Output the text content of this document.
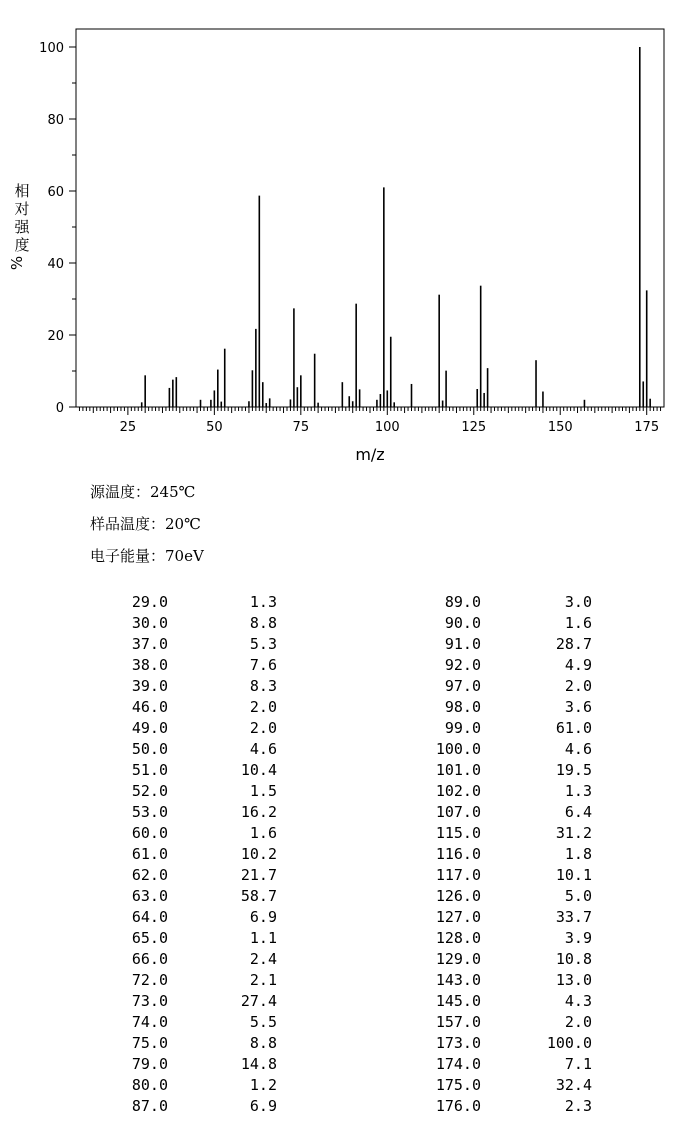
0
20
40
60
80
100
25	50	75	100	125	150	175
m/z
相
对
强
度
%
源温度：245℃
样品温度：20℃
电子能量：70eV
29.0	1.3	89.0	3.0
30.0	8.8	90.0	1.6
37.0	5.3	91.0	28.7
38.0	7.6	92.0	4.9
39.0	8.3	97.0	2.0
46.0	2.0	98.0	3.6
49.0	2.0	99.0	61.0
50.0	4.6	100.0	4.6
51.0	10.4	101.0	19.5
52.0	1.5	102.0	1.3
53.0	16.2	107.0	6.4
60.0	1.6	115.0	31.2
61.0	10.2	116.0	1.8
62.0	21.7	117.0	10.1
63.0	58.7	126.0	5.0
64.0	6.9	127.0	33.7
65.0	1.1	128.0	3.9
66.0	2.4	129.0	10.8
72.0	2.1	143.0	13.0
73.0	27.4	145.0	4.3
74.0	5.5	157.0	2.0
75.0	8.8	173.0	100.0
79.0	14.8	174.0	7.1
80.0	1.2	175.0	32.4
87.0	6.9	176.0	2.3
